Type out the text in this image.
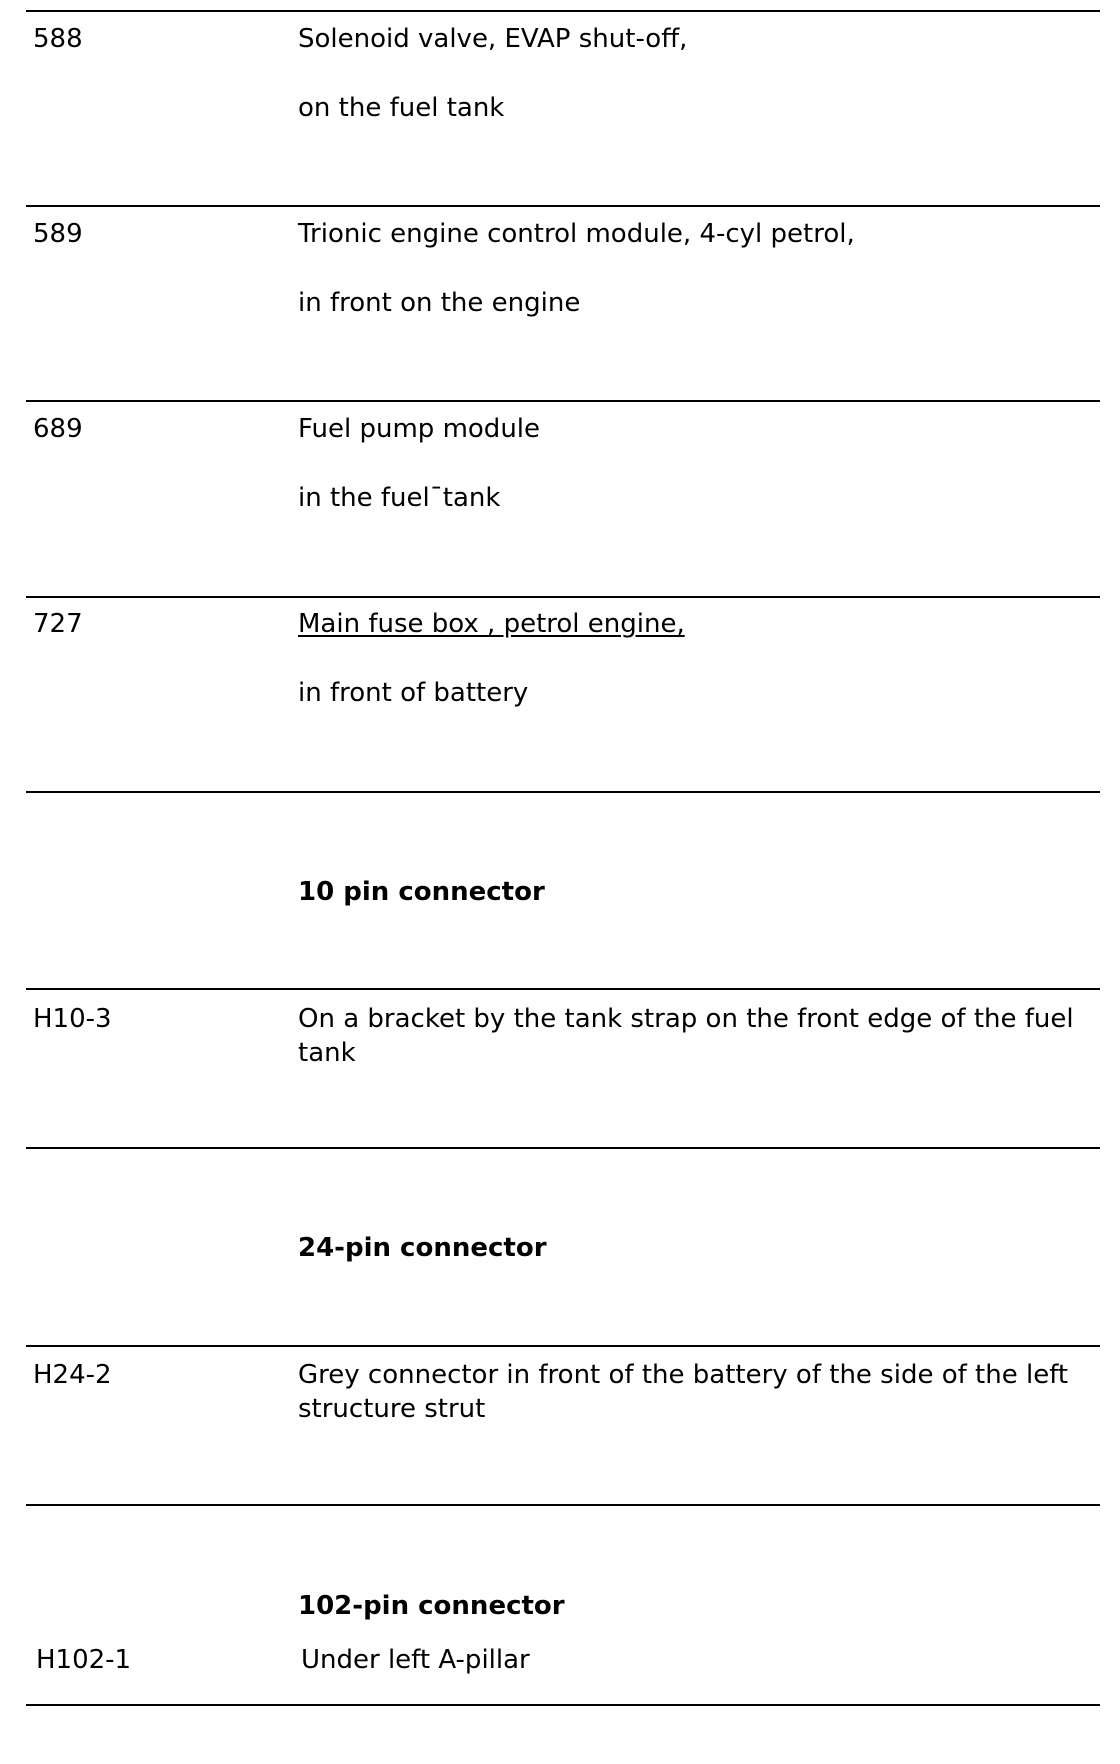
588	Solenoid valve, EVAP shut-off,
on the fuel tank
589	Trionic engine control module, 4-cyl petrol,
in front on the engine
689	Fuel pump module
in the fuel¯tank
727	Main fuse box , petrol engine,
in front of battery
10 pin connector
H10-3	On a bracket by the tank strap on the front edge of the fuel tank
24-pin connector
H24-2	Grey connector in front of the battery of the side of the left structure strut
102-pin connector
H102-1	Under left A-pillar
